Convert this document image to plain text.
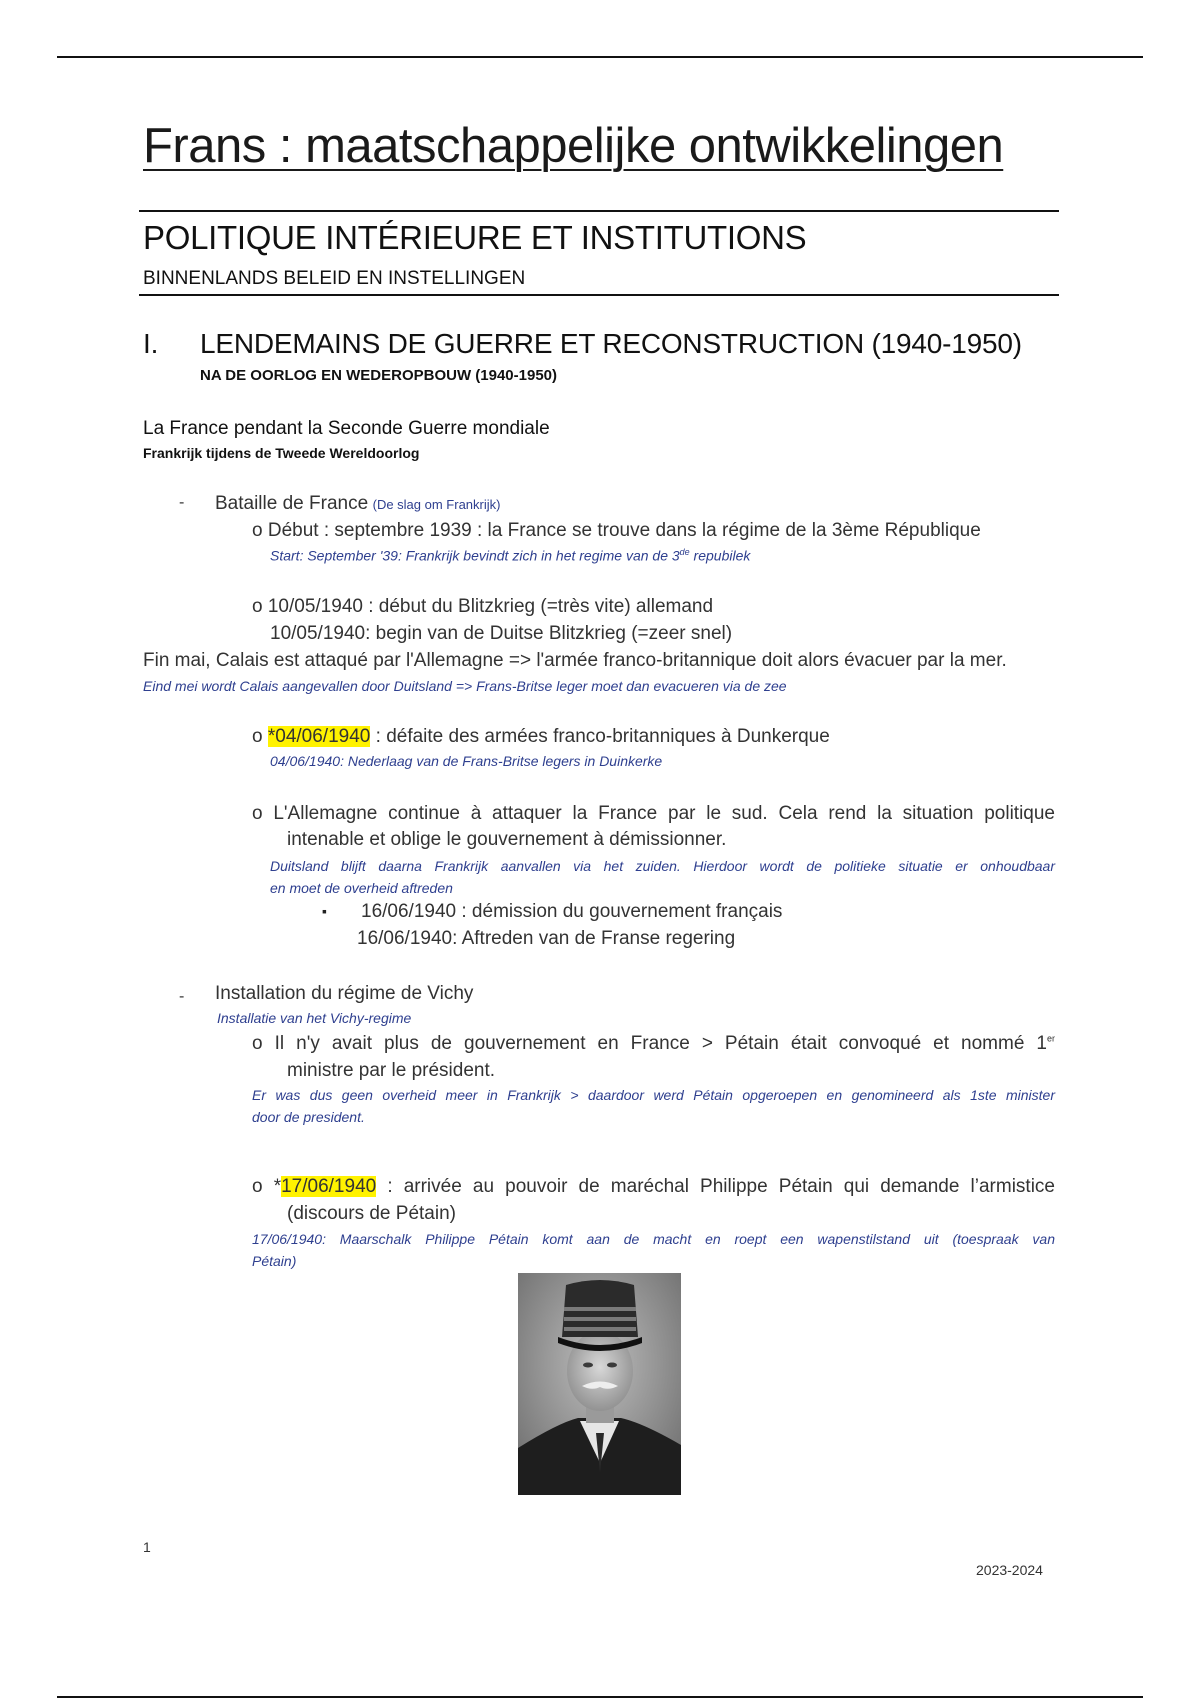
Frans : maatschappelijke ontwikkelingen
POLITIQUE INTÉRIEURE ET INSTITUTIONS
BINNENLANDS BELEID EN INSTELLINGEN
I. LENDEMAINS DE GUERRE ET RECONSTRUCTION (1940-1950)
NA DE OORLOG EN WEDEROPBOUW (1940-1950)
La France pendant la Seconde Guerre mondiale
Frankrijk tijdens de Tweede Wereldoorlog
- Bataille de France (De slag om Frankrijk)
o Début : septembre 1939 : la France se trouve dans la régime de la 3ème République
Start: September '39: Frankrijk bevindt zich in het regime van de 3de repubilek
o 10/05/1940 : début du Blitzkrieg (=très vite) allemand
10/05/1940: begin van de Duitse Blitzkrieg (=zeer snel)
Fin mai, Calais est attaqué par l'Allemagne => l'armée franco-britannique doit alors évacuer par la mer.
Eind mei wordt Calais aangevallen door Duitsland => Frans-Britse leger moet dan evacueren via de zee
o *04/06/1940 : défaite des armées franco-britanniques à Dunkerque
04/06/1940: Nederlaag van de Frans-Britse legers in Duinkerke
o L'Allemagne continue à attaquer la France par le sud. Cela rend la situation politique
intenable et oblige le gouvernement à démissionner.
Duitsland blijft daarna Frankrijk aanvallen via het zuiden. Hierdoor wordt de politieke situatie er onhoudbaar
en moet de overheid aftreden
▪ 16/06/1940 : démission du gouvernement français
16/06/1940: Aftreden van de Franse regering
- Installation du régime de Vichy
Installatie van het Vichy-regime
o Il n'y avait plus de gouvernement en France > Pétain était convoqué et nommé 1er
ministre par le président.
Er was dus geen overheid meer in Frankrijk > daardoor werd Pétain opgeroepen en genomineerd als 1ste minister
door de president.
o *17/06/1940 : arrivée au pouvoir de maréchal Philippe Pétain qui demande l’armistice
(discours de Pétain)
17/06/1940: Maarschalk Philippe Pétain komt aan de macht en roept een wapenstilstand uit (toespraak van
Pétain)
1
2023-2024
